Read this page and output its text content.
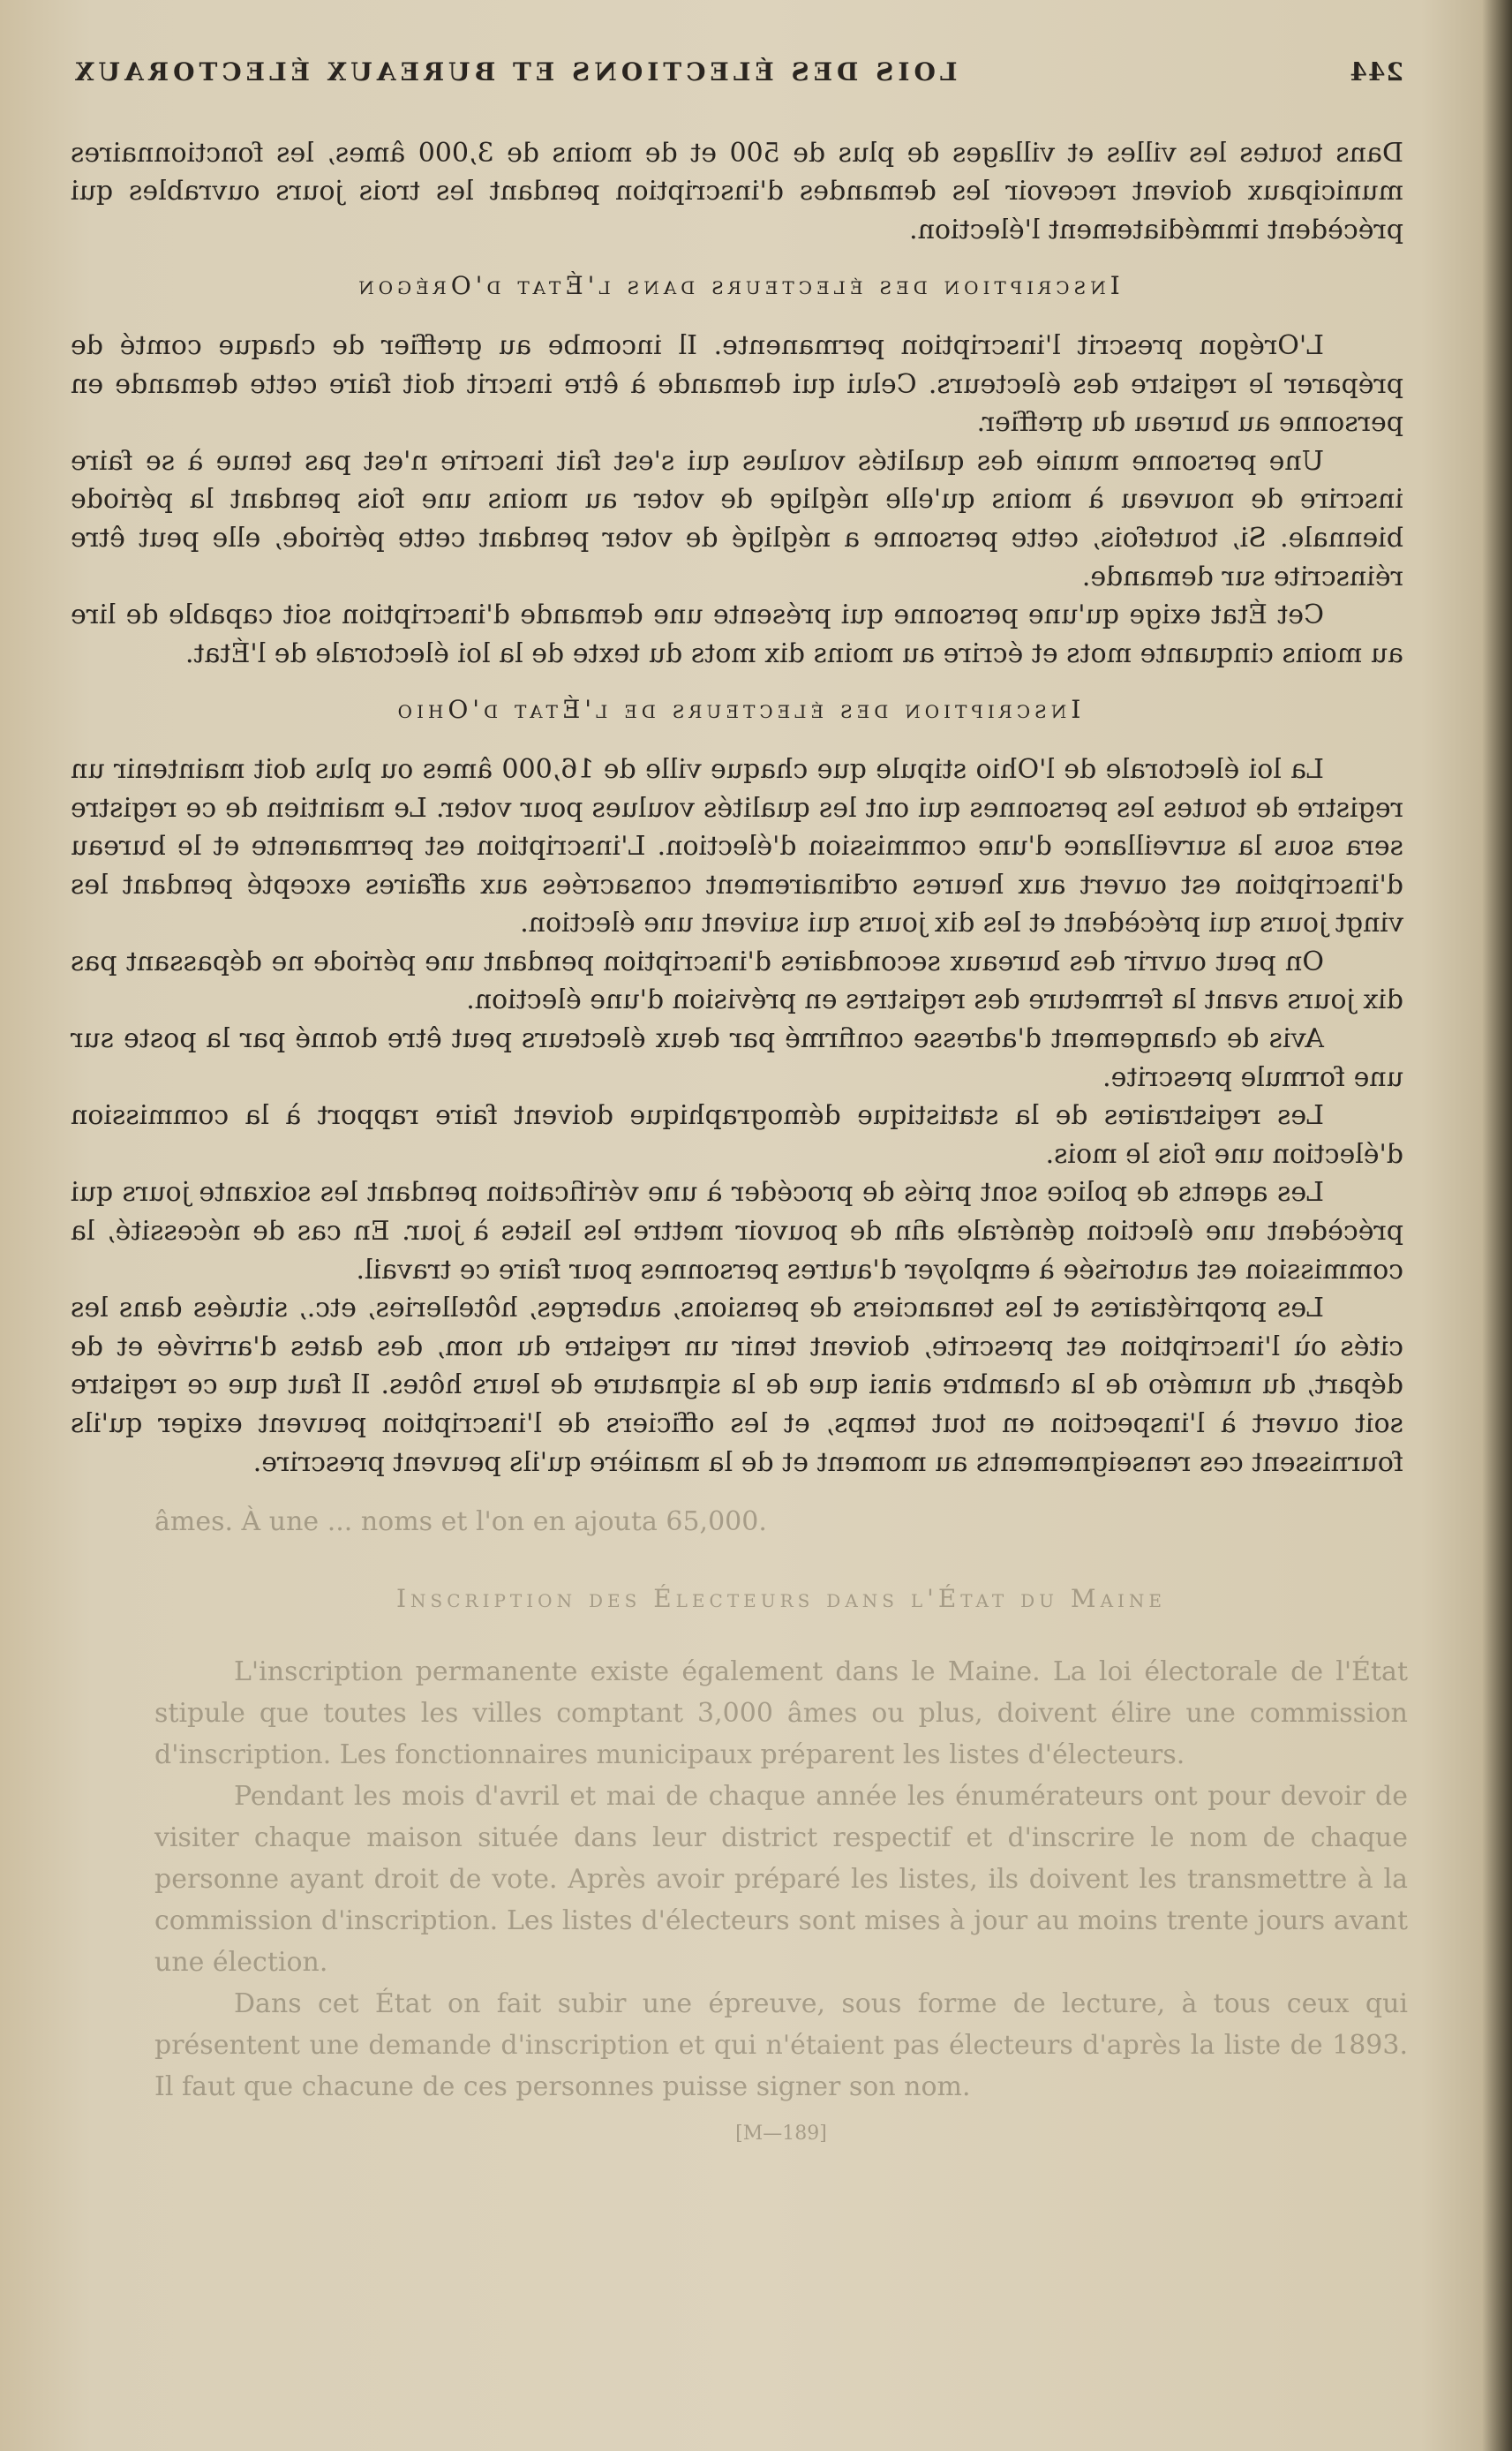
244
LOIS DES ÉLECTIONS ET BUREAUX ÉLECTORAUX

Dans toutes les villes et villages de plus de 500 et de moins de 3,000 âmes, les fonctionnaires municipaux doivent recevoir les demandes d'inscription pendant les trois jours ouvrables qui précèdent immédiatement l'élection.

Inscription des électeurs dans l'État d'Orégon

L'Orégon prescrit l'inscription permanente. Il incombe au greffier de chaque comté de préparer le registre des électeurs. Celui qui demande à être inscrit doit faire cette demande en personne au bureau du greffier.

Une personne munie des qualités voulues qui s'est fait inscrire n'est pas tenue à se faire inscrire de nouveau à moins qu'elle néglige de voter au moins une fois pendant la période biennale. Si, toutefois, cette personne a négligé de voter pendant cette période, elle peut être réinscrite sur demande.

Cet État exige qu'une personne qui présente une demande d'inscription soit capable de lire au moins cinquante mots et écrire au moins dix mots du texte de la loi électorale de l'État.

Inscription des électeurs de l'État d'Ohio

La loi électorale de l'Ohio stipule que chaque ville de 16,000 âmes ou plus doit maintenir un registre de toutes les personnes qui ont les qualités voulues pour voter. Le maintien de ce registre sera sous la surveillance d'une commission d'élection. L'inscription est permanente et le bureau d'inscription est ouvert aux heures ordinairement consacrées aux affaires excepté pendant les vingt jours qui précèdent et les dix jours qui suivent une élection.

On peut ouvrir des bureaux secondaires d'inscription pendant une période ne dépassant pas dix jours avant la fermeture des registres en prévision d'une élection.

Avis de changement d'adresse confirmé par deux électeurs peut être donné par la poste sur une formule prescrite.

Les registraires de la statistique démographique doivent faire rapport à la commission d'élection une fois le mois.

Les agents de police sont priés de procéder à une vérification pendant les soixante jours qui précèdent une élection générale afin de pouvoir mettre les listes à jour. En cas de nécessité, la commission est autorisée à employer d'autres personnes pour faire ce travail.

Les propriétaires et les tenanciers de pensions, auberges, hôtelleries, etc., situées dans les cités où l'inscription est prescrite, doivent tenir un registre du nom, des dates d'arrivée et de départ, du numéro de la chambre ainsi que de la signature de leurs hôtes. Il faut que ce registre soit ouvert à l'inspection en tout temps, et les officiers de l'inscription peuvent exiger qu'ils fournissent ces renseignements au moment et de la manière qu'ils peuvent prescrire.

âmes. À une ... noms et l'on en ajouta 65,000.

Inscription des Électeurs dans l'État du Maine

L'inscription permanente existe également dans le Maine. La loi électorale de l'État stipule que toutes les villes comptant 3,000 âmes ou plus, doivent élire une commission d'inscription. Les fonctionnaires municipaux préparent les listes d'électeurs.

Pendant les mois d'avril et mai de chaque année les énumérateurs ont pour devoir de visiter chaque maison située dans leur district respectif et d'inscrire le nom de chaque personne ayant droit de vote. Après avoir préparé les listes, ils doivent les transmettre à la commission d'inscription. Les listes d'électeurs sont mises à jour au moins trente jours avant une élection.

Dans cet État on fait subir une épreuve, sous forme de lecture, à tous ceux qui présentent une demande d'inscription et qui n'étaient pas électeurs d'après la liste de 1893. Il faut que chacune de ces personnes puisse signer son nom.

[M—189]
